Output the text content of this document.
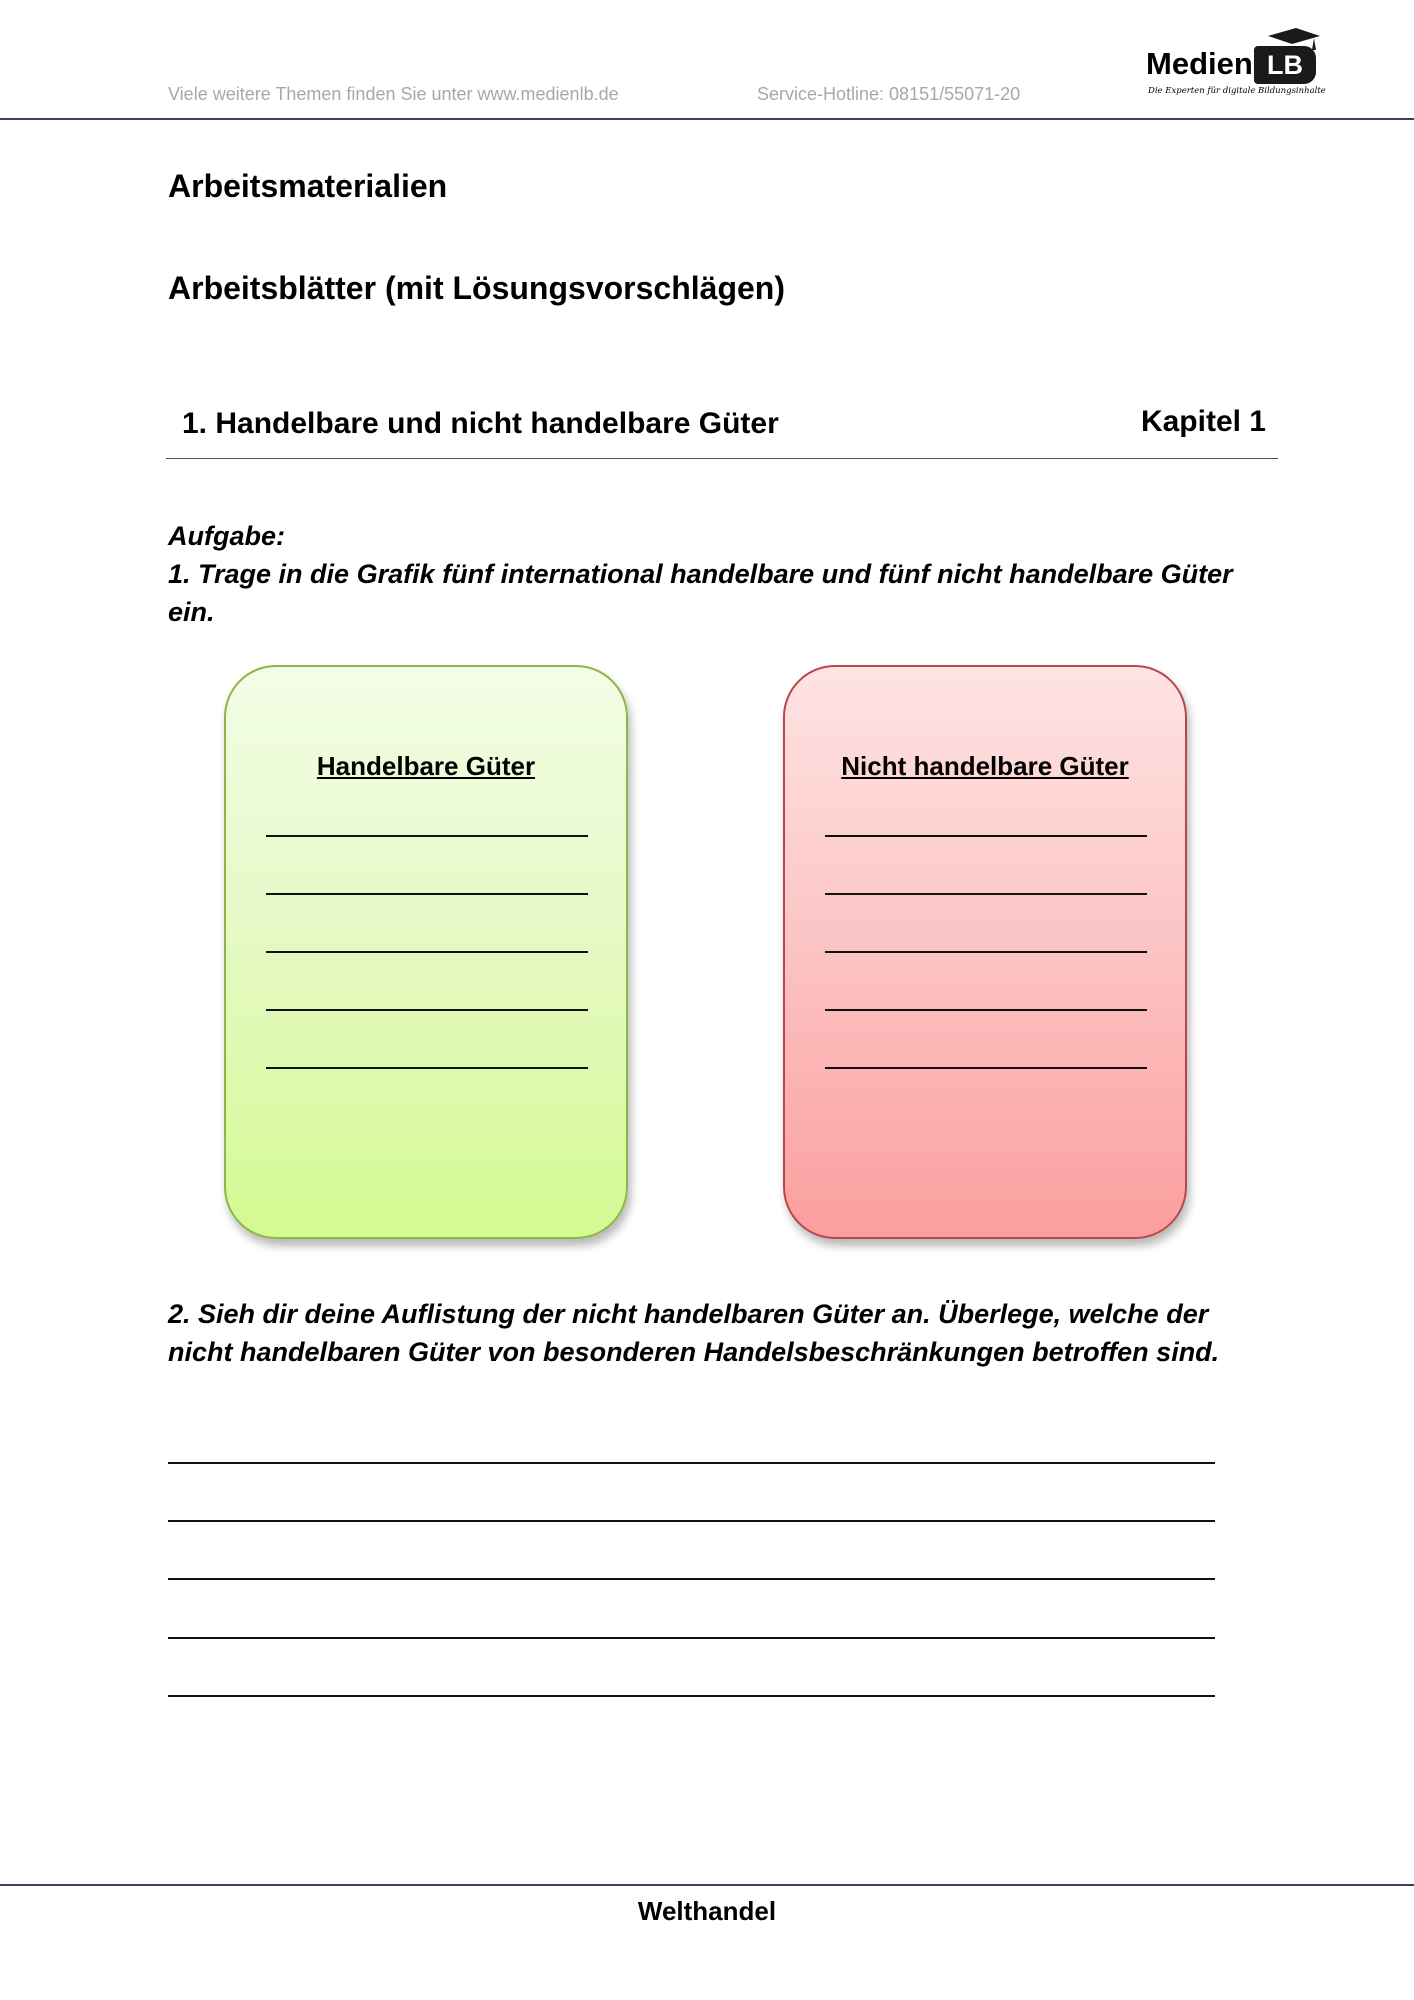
Viele weitere Themen finden Sie unter www.medienlb.de	Service-Hotline: 08151/55071-20
Medien LB
Die Experten für digitale Bildungsinhalte
Arbeitsmaterialien
Arbeitsblätter (mit Lösungsvorschlägen)
1. Handelbare und nicht handelbare Güter	Kapitel 1
Aufgabe:
1. Trage in die Grafik fünf international handelbare und fünf nicht handelbare Güter ein.
Handelbare Güter	Nicht handelbare Güter
2. Sieh dir deine Auflistung der nicht handelbaren Güter an. Überlege, welche der nicht handelbaren Güter von besonderen Handelsbeschränkungen betroffen sind.
Welthandel
